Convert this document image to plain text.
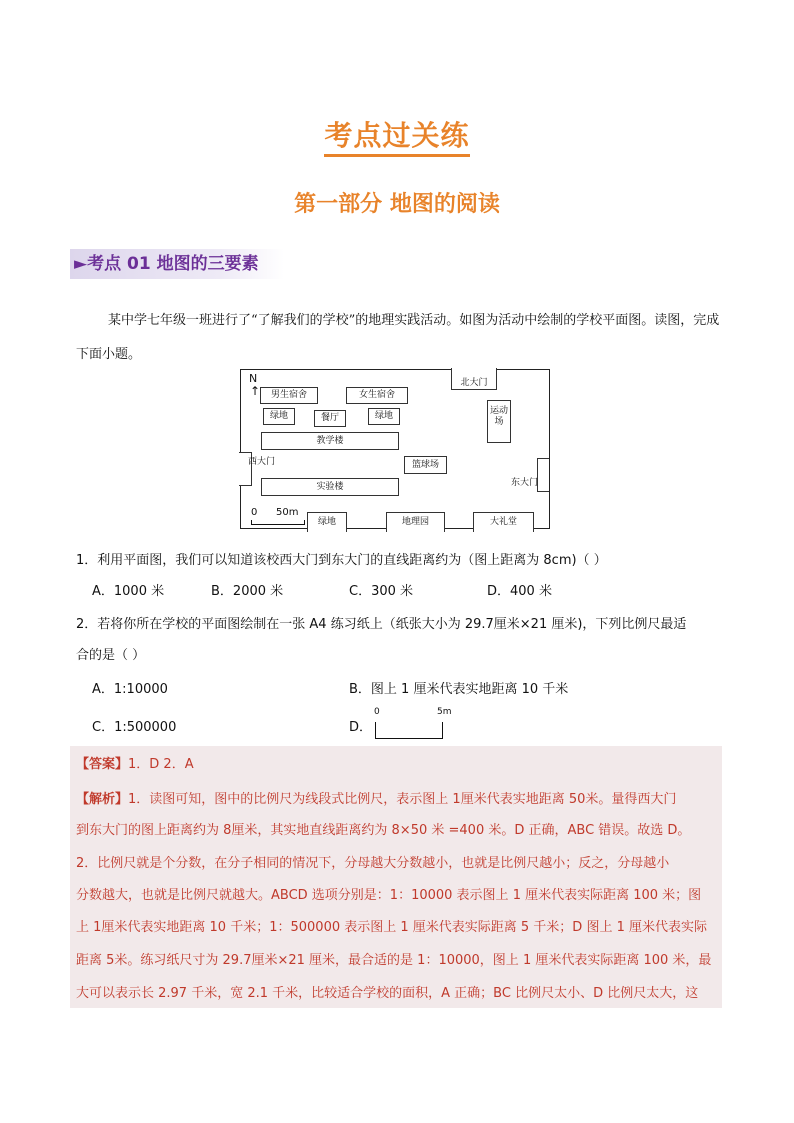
考点过关练
第一部分 地图的阅读
►考点 01 地图的三要素
某中学七年级一班进行了“了解我们的学校”的地理实践活动。如图为活动中绘制的学校平面图。读图，完成下面小题。
N
↑	男生宿舍	女生宿舍
北大门
运动场
绿地	餐厅	绿地
教学楼
西大门	篮球场
东大门
实验楼
0 50m
绿地	地理园	大礼堂
1．利用平面图，我们可以知道该校西大门到东大门的直线距离约为（图上距离为 8cm)（ ）
A．1000 米	B．2000 米	C．300 米	D．400 米
2．若将你所在学校的平面图绘制在一张 A4 练习纸上（纸张大小为 29.7厘米×21 厘米)，下列比例尺最适
合的是（ ）
A．1:10000	B．图上 1 厘米代表实地距离 10 千米
C．1:500000	D．
0	5m
【答案】1．D 2．A
【解析】1．读图可知，图中的比例尺为线段式比例尺，表示图上 1厘米代表实地距离 50米。量得西大门
到东大门的图上距离约为 8厘米，其实地直线距离约为 8×50 米 =400 米。D 正确，ABC 错误。故选 D。
2．比例尺就是个分数，在分子相同的情况下，分母越大分数越小，也就是比例尺越小；反之，分母越小
分数越大，也就是比例尺就越大。ABCD 选项分别是：1：10000 表示图上 1 厘米代表实际距离 100 米；图
上 1厘米代表实地距离 10 千米；1：500000 表示图上 1 厘米代表实际距离 5 千米；D 图上 1 厘米代表实际
距离 5米。练习纸尺寸为 29.7厘米×21 厘米，最合适的是 1：10000，图上 1 厘米代表实际距离 100 米，最
大可以表示长 2.97 千米，宽 2.1 千米，比较适合学校的面积，A 正确；BC 比例尺太小、D 比例尺太大，这
